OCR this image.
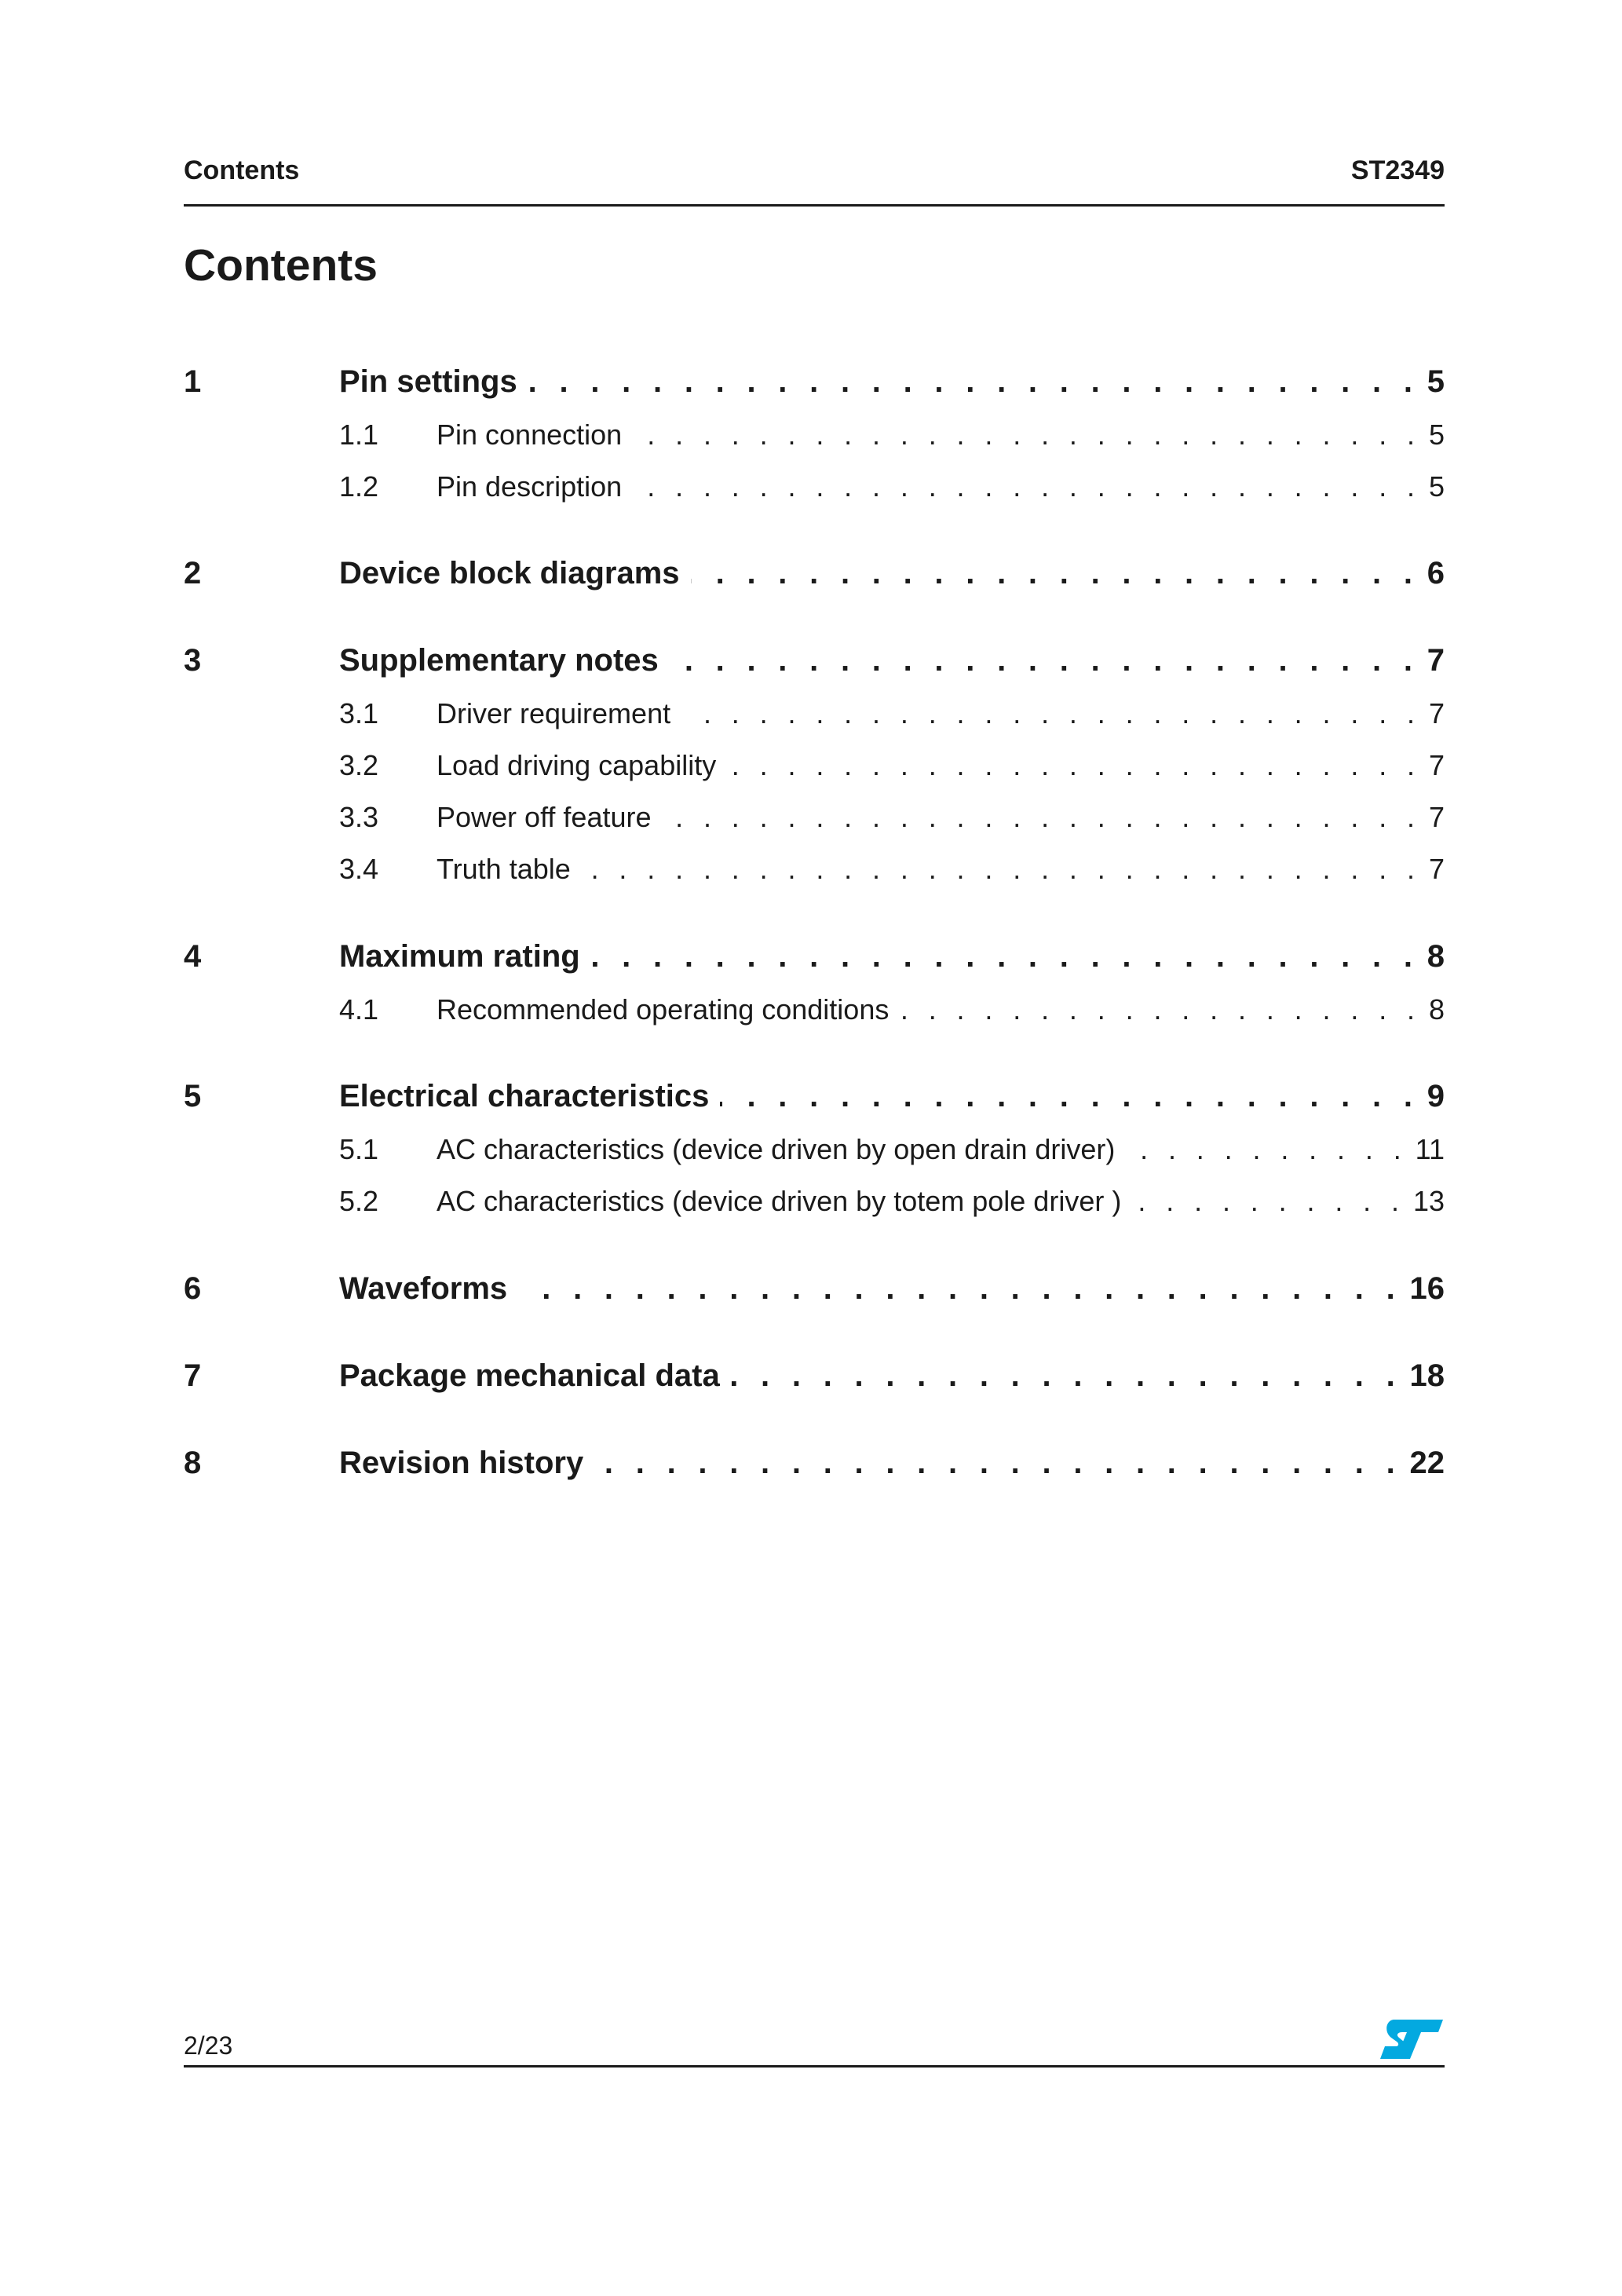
Contents	ST2349
Contents
1	Pin settings . . .	5
1.1	Pin connection . . .	5
1.2	Pin description . . .	5
2	Device block diagrams . . .	6
3	Supplementary notes . . .	7
3.1	Driver requirement . . .	7
3.2	Load driving capability . . .	7
3.3	Power off feature . . .	7
3.4	Truth table . . .	7
4	Maximum rating . . .	8
4.1	Recommended operating conditions . . .	8
5	Electrical characteristics . . .	9
5.1	AC characteristics (device driven by open drain driver) . . .	11
5.2	AC characteristics (device driven by totem pole driver ) . . .	13
6	Waveforms . . .	16
7	Package mechanical data . . .	18
8	Revision history . . .	22
2/23
